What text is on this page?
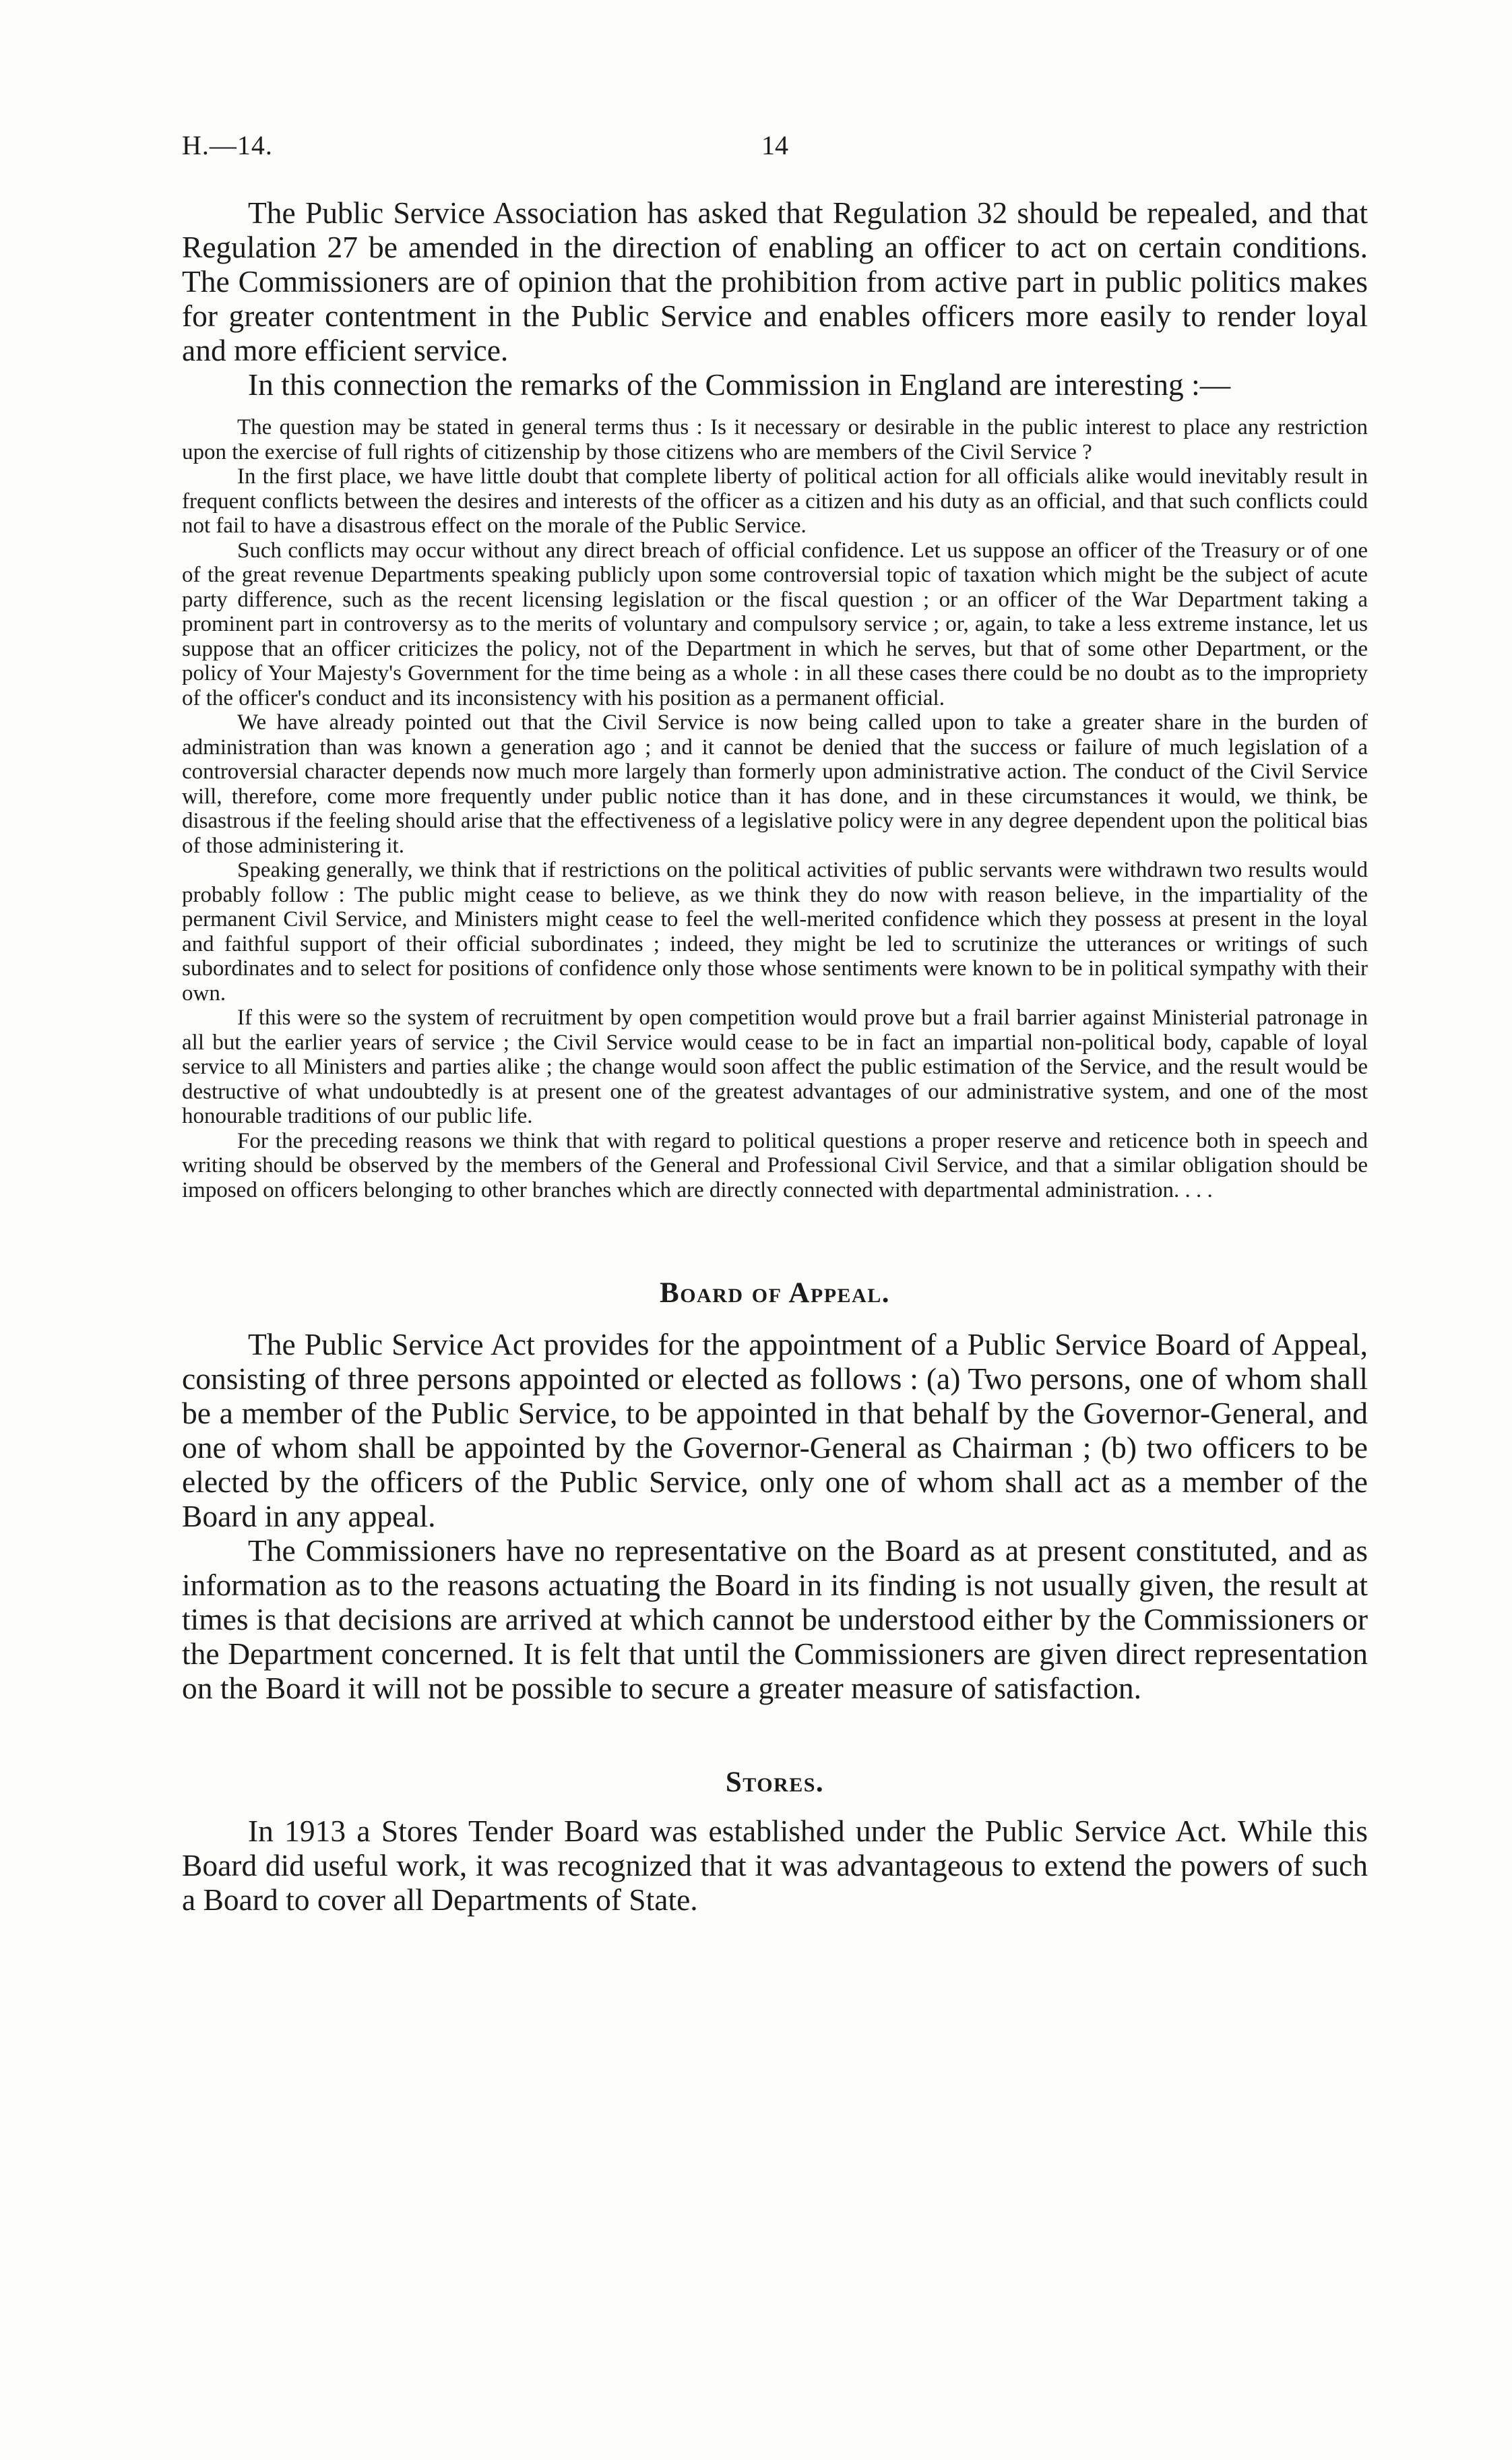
H.—14.	14

The Public Service Association has asked that Regulation 32 should be repealed, and that Regulation 27 be amended in the direction of enabling an officer to act on certain conditions. The Commissioners are of opinion that the prohibition from active part in public politics makes for greater contentment in the Public Service and enables officers more easily to render loyal and more efficient service.

In this connection the remarks of the Commission in England are interesting :—

The question may be stated in general terms thus : Is it necessary or desirable in the public interest to place any restriction upon the exercise of full rights of citizenship by those citizens who are members of the Civil Service ?

In the first place, we have little doubt that complete liberty of political action for all officials alike would inevitably result in frequent conflicts between the desires and interests of the officer as a citizen and his duty as an official, and that such conflicts could not fail to have a disastrous effect on the morale of the Public Service.

Such conflicts may occur without any direct breach of official confidence. Let us suppose an officer of the Treasury or of one of the great revenue Departments speaking publicly upon some controversial topic of taxation which might be the subject of acute party difference, such as the recent licensing legislation or the fiscal question ; or an officer of the War Department taking a prominent part in controversy as to the merits of voluntary and compulsory service ; or, again, to take a less extreme instance, let us suppose that an officer criticizes the policy, not of the Department in which he serves, but that of some other Department, or the policy of Your Majesty's Government for the time being as a whole : in all these cases there could be no doubt as to the impropriety of the officer's conduct and its inconsistency with his position as a permanent official.

We have already pointed out that the Civil Service is now being called upon to take a greater share in the burden of administration than was known a generation ago ; and it cannot be denied that the success or failure of much legislation of a controversial character depends now much more largely than formerly upon administrative action. The conduct of the Civil Service will, therefore, come more frequently under public notice than it has done, and in these circumstances it would, we think, be disastrous if the feeling should arise that the effectiveness of a legislative policy were in any degree dependent upon the political bias of those administering it.

Speaking generally, we think that if restrictions on the political activities of public servants were withdrawn two results would probably follow : The public might cease to believe, as we think they do now with reason believe, in the impartiality of the permanent Civil Service, and Ministers might cease to feel the well-merited confidence which they possess at present in the loyal and faithful support of their official subordinates ; indeed, they might be led to scrutinize the utterances or writings of such subordinates and to select for positions of confidence only those whose sentiments were known to be in political sympathy with their own.

If this were so the system of recruitment by open competition would prove but a frail barrier against Ministerial patronage in all but the earlier years of service ; the Civil Service would cease to be in fact an impartial non-political body, capable of loyal service to all Ministers and parties alike ; the change would soon affect the public estimation of the Service, and the result would be destructive of what undoubtedly is at present one of the greatest advantages of our administrative system, and one of the most honourable traditions of our public life.

For the preceding reasons we think that with regard to political questions a proper reserve and reticence both in speech and writing should be observed by the members of the General and Professional Civil Service, and that a similar obligation should be imposed on officers belonging to other branches which are directly connected with departmental administration. . . .

Board of Appeal.

The Public Service Act provides for the appointment of a Public Service Board of Appeal, consisting of three persons appointed or elected as follows : (a) Two persons, one of whom shall be a member of the Public Service, to be appointed in that behalf by the Governor-General, and one of whom shall be appointed by the Governor-General as Chairman ; (b) two officers to be elected by the officers of the Public Service, only one of whom shall act as a member of the Board in any appeal.

The Commissioners have no representative on the Board as at present constituted, and as information as to the reasons actuating the Board in its finding is not usually given, the result at times is that decisions are arrived at which cannot be understood either by the Commissioners or the Department concerned. It is felt that until the Commissioners are given direct representation on the Board it will not be possible to secure a greater measure of satisfaction.

Stores.

In 1913 a Stores Tender Board was established under the Public Service Act. While this Board did useful work, it was recognized that it was advantageous to extend the powers of such a Board to cover all Departments of State.
